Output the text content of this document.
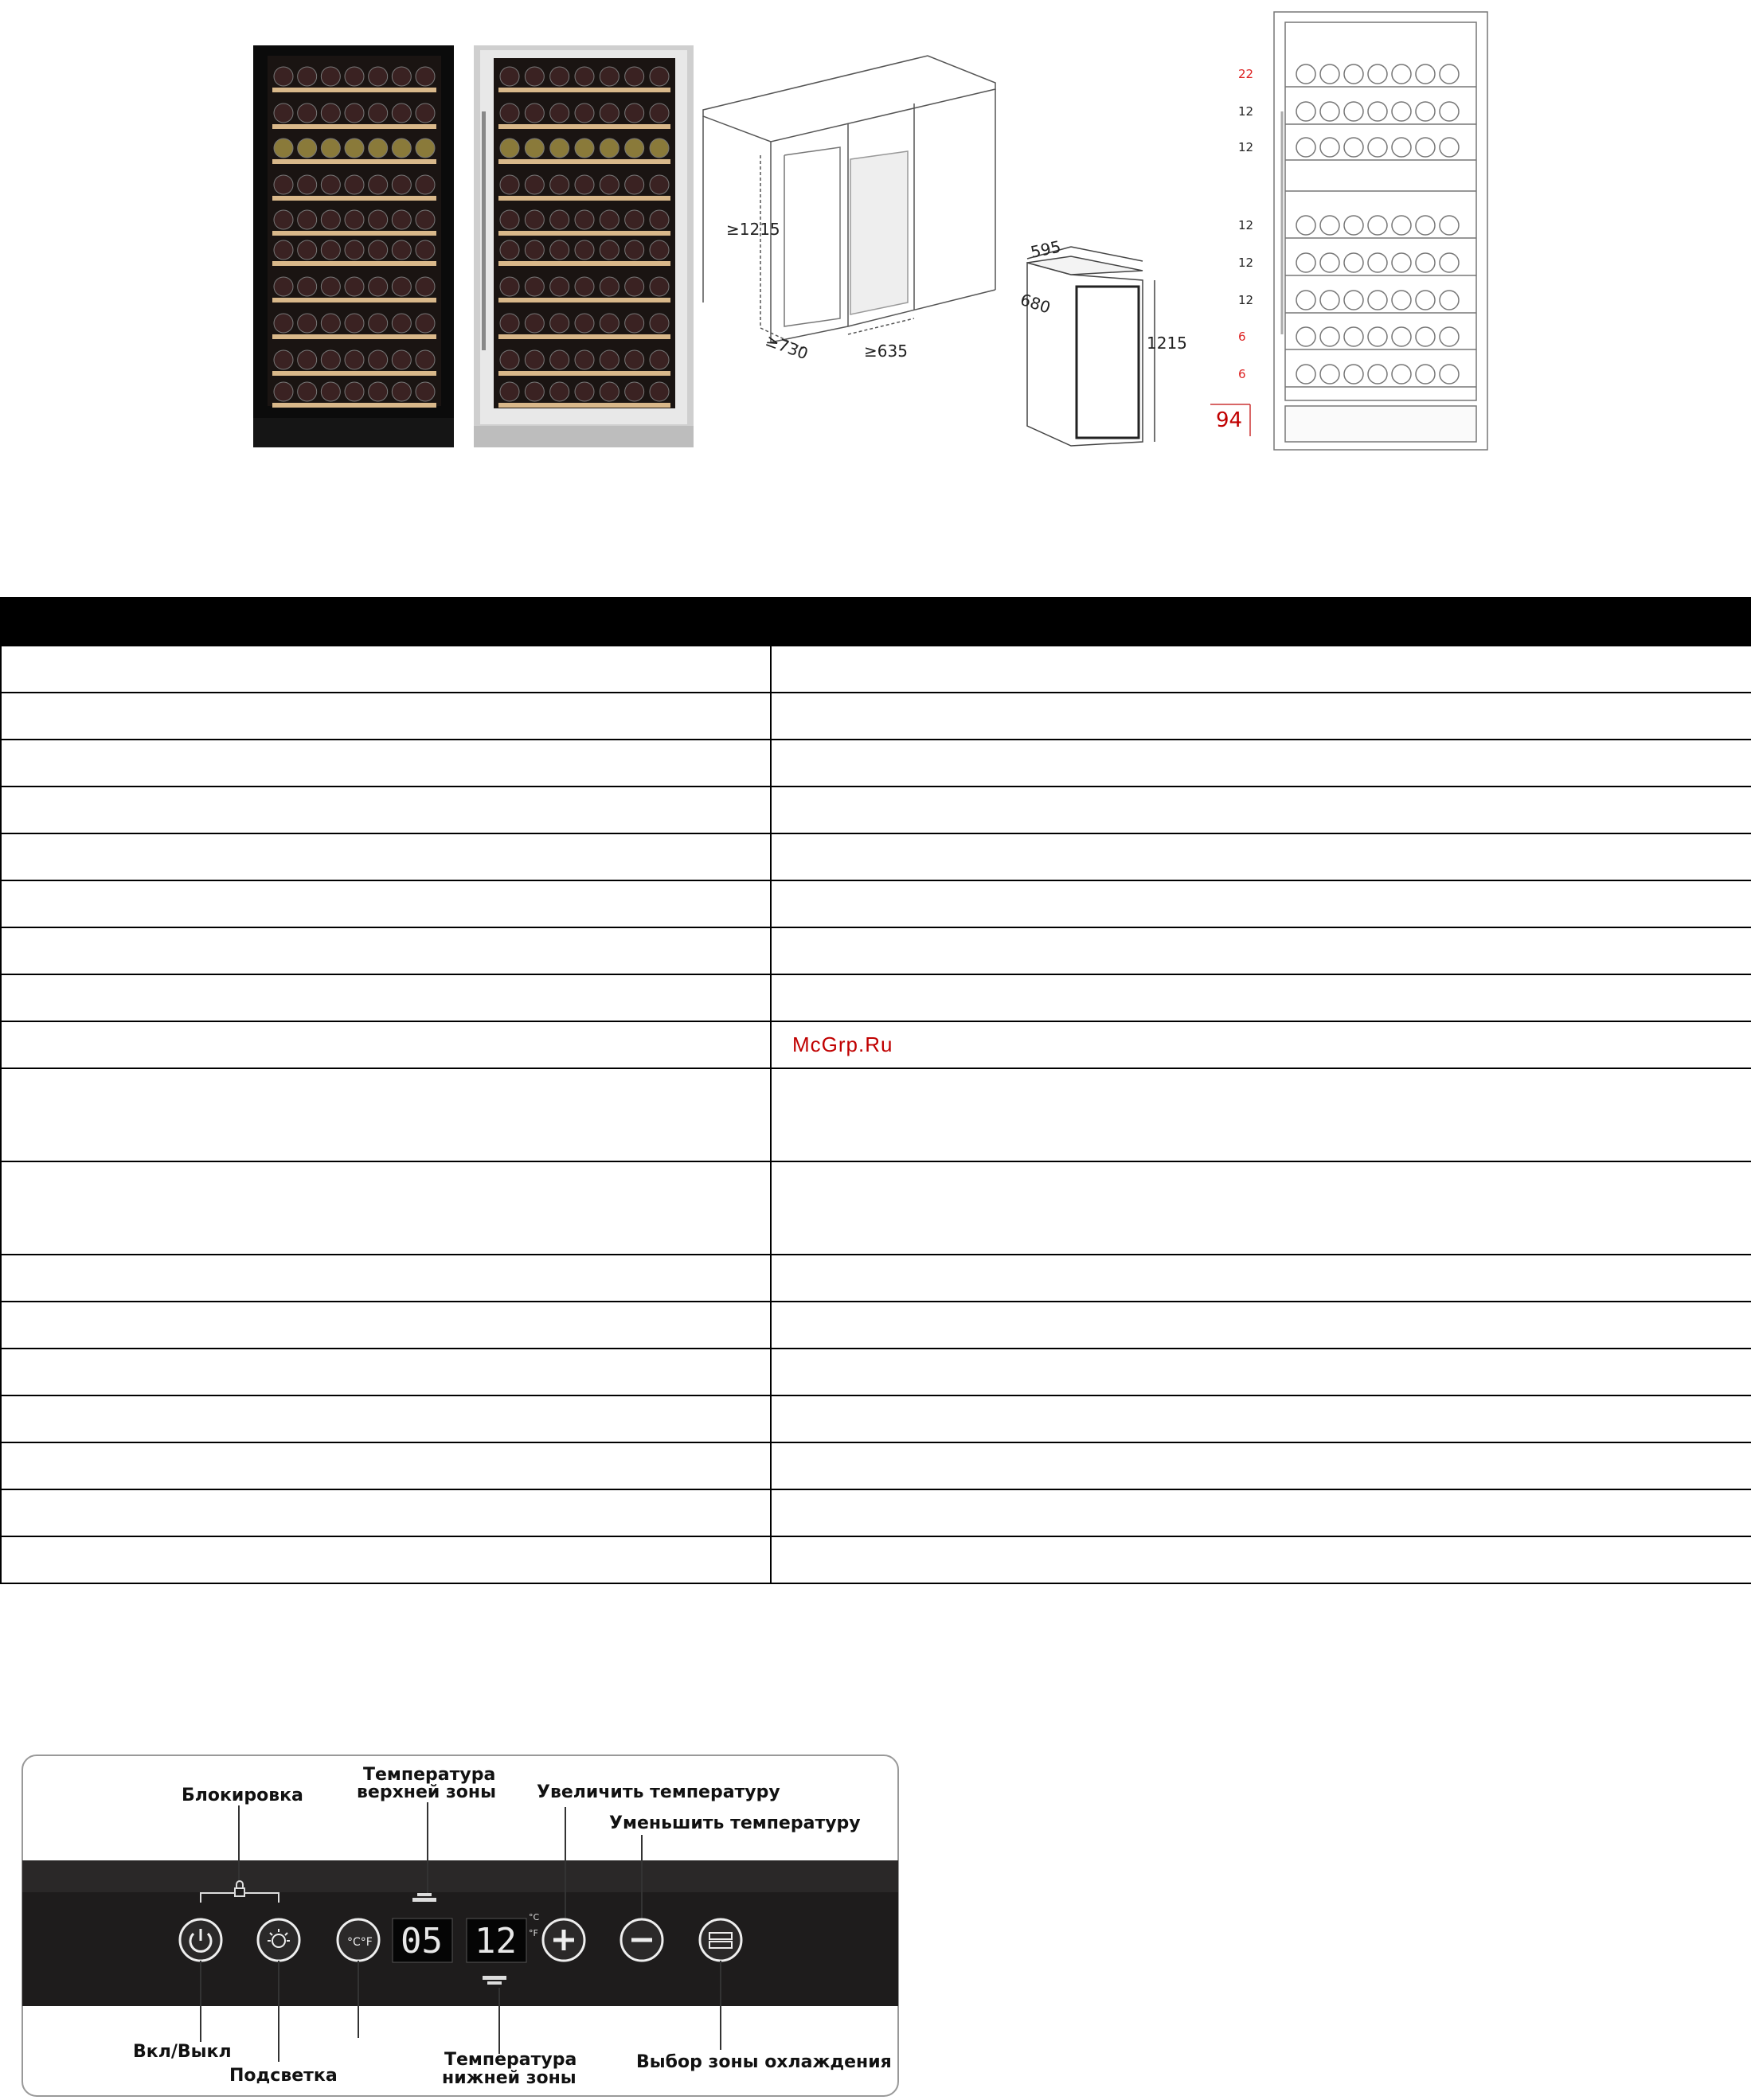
≥1215
≥730	≥635
595
680
1215
22
12
12
12
12
12
6
6
94

	McGrp.Ru

Блокировка
Температура
верхней зоны Увеличить температуру
Уменьшить температуру
°C°F 05 12
°C
°F
Вкл/Выкл
Подсветка
Температура
нижней зоны
Выбор зоны охлаждения
